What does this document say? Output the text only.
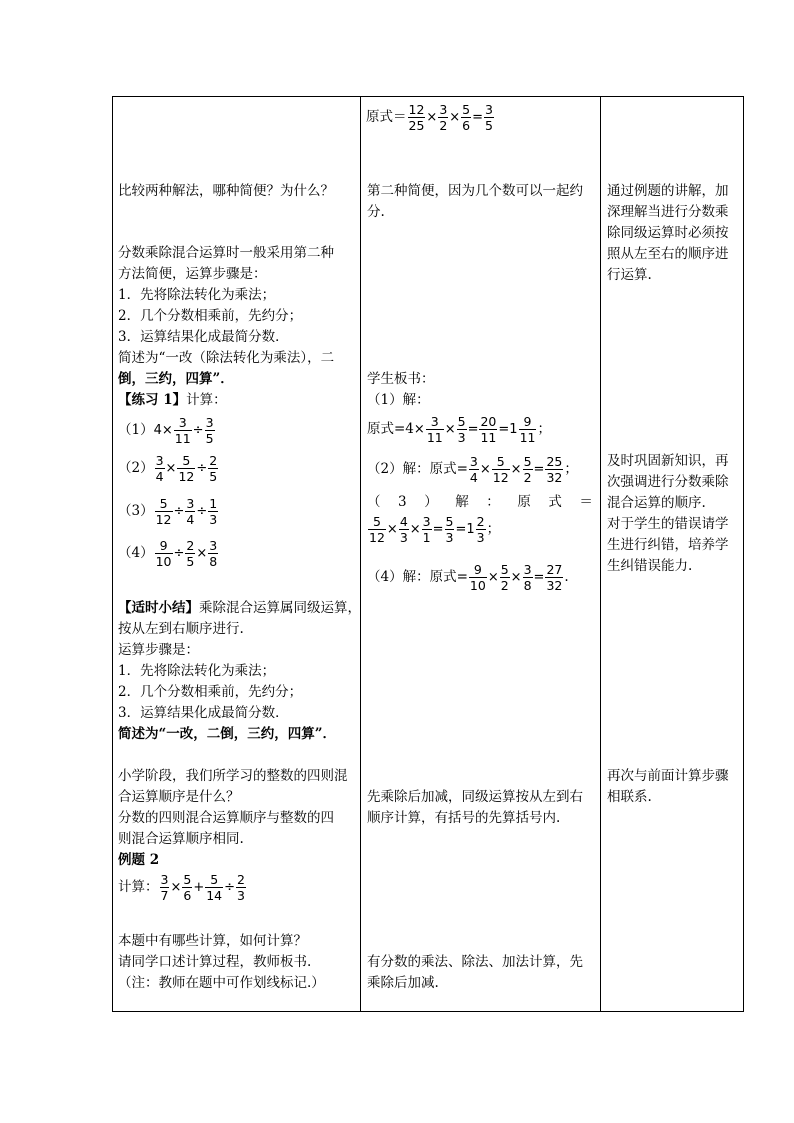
比较两种解法，哪种简便？为什么？
分数乘除混合运算时一般采用第二种
方法简便，运算步骤是：
1．先将除法转化为乘法；
2．几个分数相乘前，先约分；
3．运算结果化成最简分数．
简述为“一改（除法转化为乘法），二
倒，三约，四算”．
【练习 1】计算：
$(1)4\times \frac{3}{11} \div \frac{3}{5}$
$(2) \frac{3}{4} \times \frac{5}{12} \div \frac{2}{5}$
$(3) \frac{5}{12} \div \frac{3}{4} \div \frac{1}{3}$
$(4) \frac{9}{10} \div \frac{2}{5} \times \frac{3}{8}$
【适时小结】乘除混合运算属同级运算，
按从左到右顺序进行.
运算步骤是：
1．先将除法转化为乘法；
2．几个分数相乘前，先约分；
3．运算结果化成最简分数．
简述为“一改，二倒，三约，四算”．
小学阶段，我们所学习的整数的四则混
合运算顺序是什么？
分数的四则混合运算顺序与整数的四
则混合运算顺序相同.
例题 2
计算： $\frac{3}{7} \times \frac{5}{6} + \frac{5}{14} \div \frac{2}{3}$
本题中有哪些计算，如何计算？
请同学口述计算过程，教师板书.
（注：教师在题中可作划线标记.）
原式＝ $\frac{12}{25} \times \frac{3}{2} \times \frac{5}{6} = \frac{3}{5}$
第二种简便，因为几个数可以一起约
分.
学生板书：
（1）解：
原式$=4\times \frac{3}{11} \times \frac{5}{3} = \frac{20}{11} =1 \frac{9}{11}$ ；
（2）解：原式= $\frac{3}{4} \times \frac{5}{12} \times \frac{5}{2} = \frac{25}{32}$ ；
（ 3 ） 解 ： 原 式 ＝
$\frac{5}{12} \times \frac{4}{3} \times \frac{3}{1} = \frac{5}{3} =1 \frac{2}{3}$ ；
（4）解：原式= $\frac{9}{10} \times \frac{5}{2} \times \frac{3}{8} = \frac{27}{32}$ .
先乘除后加减，同级运算按从左到右
顺序计算，有括号的先算括号内.
有分数的乘法、除法、加法计算，先
乘除后加减.
通过例题的讲解，加
深理解当进行分数乘
除同级运算时必须按
照从左至右的顺序进
行运算.
及时巩固新知识，再
次强调进行分数乘除
混合运算的顺序.
对于学生的错误请学
生进行纠错，培养学
生纠错误能力.
再次与前面计算步骤
相联系.
